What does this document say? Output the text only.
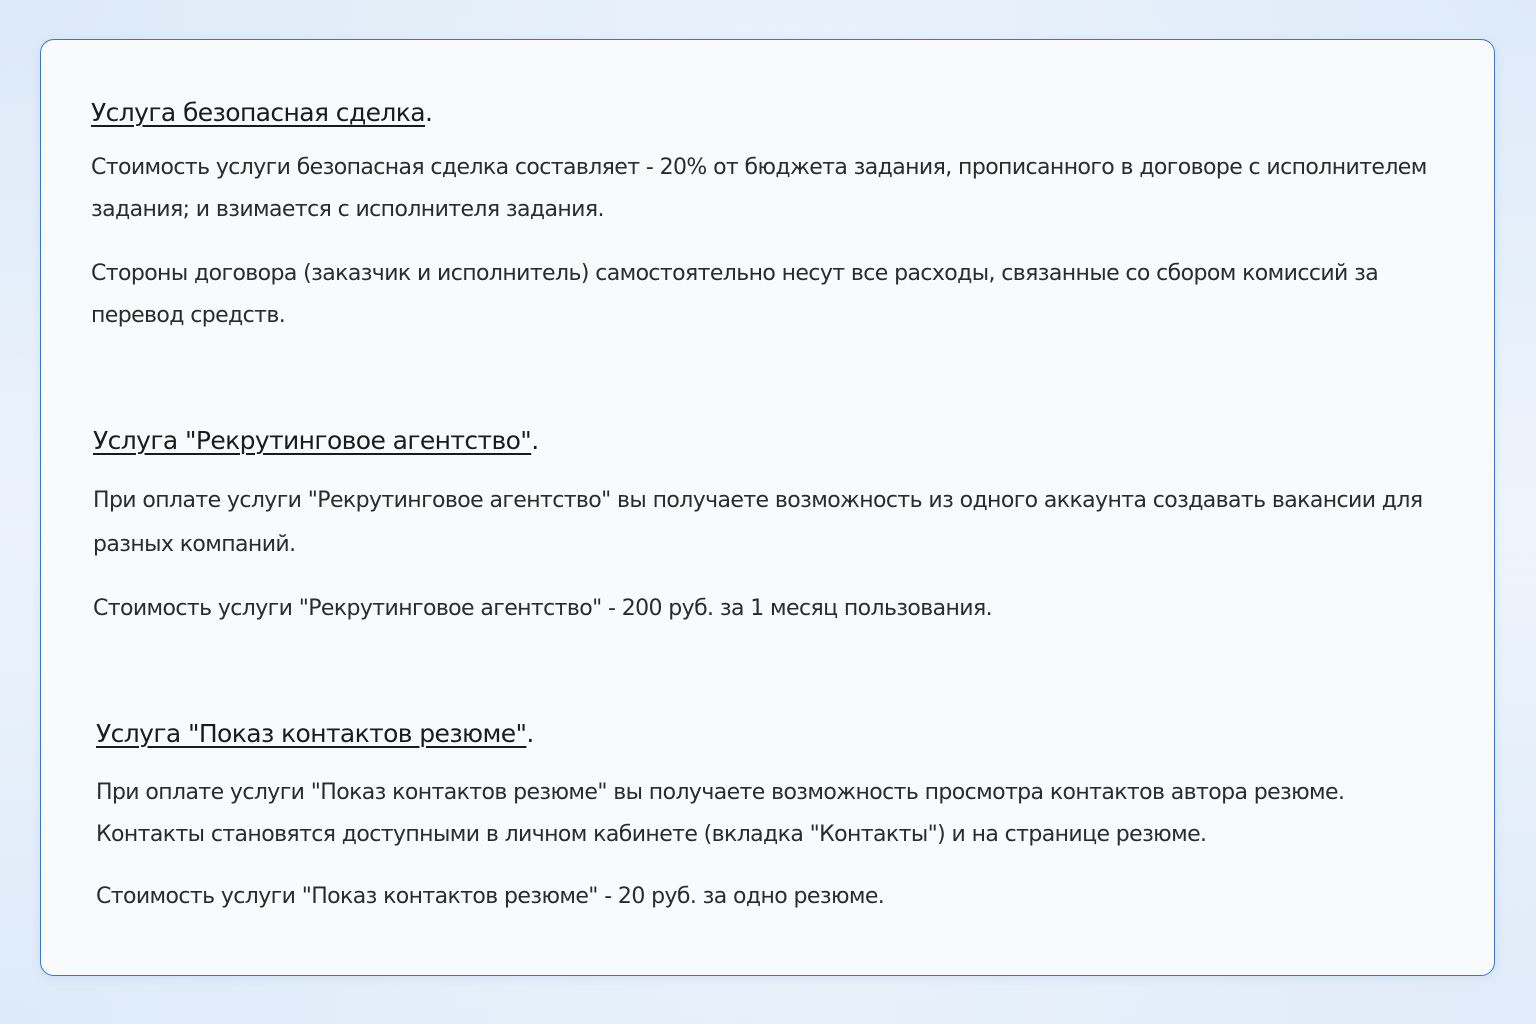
Услуга безопасная сделка.

Стоимость услуги безопасная сделка составляет - 20% от бюджета задания, прописанного в договоре с исполнителем задания; и взимается с исполнителя задания.

Стороны договора (заказчик и исполнитель) самостоятельно несут все расходы, связанные со сбором комиссий за перевод средств.

Услуга "Рекрутинговое агентство".

При оплате услуги "Рекрутинговое агентство" вы получаете возможность из одного аккаунта создавать вакансии для разных компаний.

Стоимость услуги "Рекрутинговое агентство" - 200 руб. за 1 месяц пользования.

Услуга "Показ контактов резюме".

При оплате услуги "Показ контактов резюме" вы получаете возможность просмотра контактов автора резюме. Контакты становятся доступными в личном кабинете (вкладка "Контакты") и на странице резюме.

Стоимость услуги "Показ контактов резюме" - 20 руб. за одно резюме.
